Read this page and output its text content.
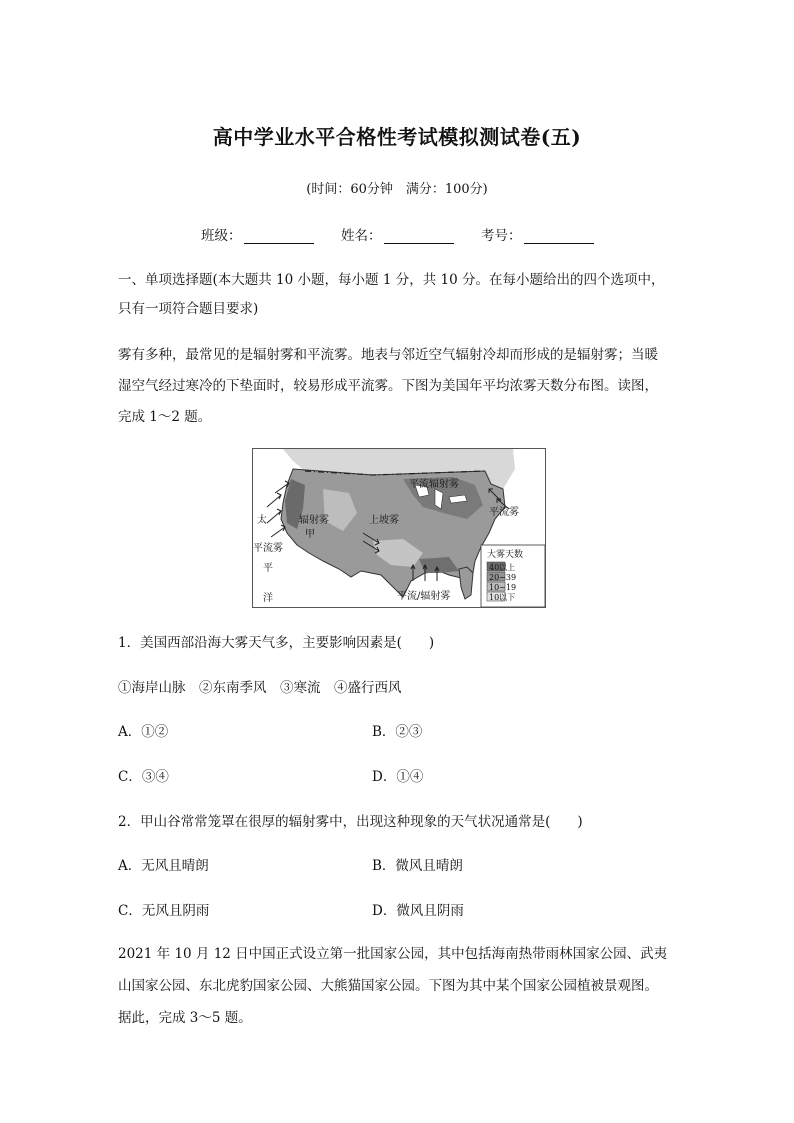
高中学业水平合格性考试模拟测试卷(五)
(时间：60分钟　满分：100分)
班级：	姓名：	考号：
一、单项选择题(本大题共 10 小题，每小题 1 分，共 10 分。在每小题给出的四个选项中，
只有一项符合题目要求)
雾有多种，最常见的是辐射雾和平流雾。地表与邻近空气辐射冷却而形成的是辐射雾；当暖
湿空气经过寒冷的下垫面时，较易形成平流雾。下图为美国年平均浓雾天数分布图。读图，
完成 1～2 题。
平流辐射雾
平流雾
辐射雾
甲
上坡雾
太
平流雾
平
洋	平流/辐射雾
大雾天数
40以上
20~39
10~19
10以下
1．美国西部沿海大雾天气多，主要影响因素是(　　)
①海岸山脉　②东南季风　③寒流　④盛行西风
A．①②	B．②③
C．③④	D．①④
2．甲山谷常常笼罩在很厚的辐射雾中，出现这种现象的天气状况通常是(　　)
A．无风且晴朗	B．微风且晴朗
C．无风且阴雨	D．微风且阴雨
2021 年 10 月 12 日中国正式设立第一批国家公园，其中包括海南热带雨林国家公园、武夷
山国家公园、东北虎豹国家公园、大熊猫国家公园。下图为其中某个国家公园植被景观图。
据此，完成 3～5 题。
